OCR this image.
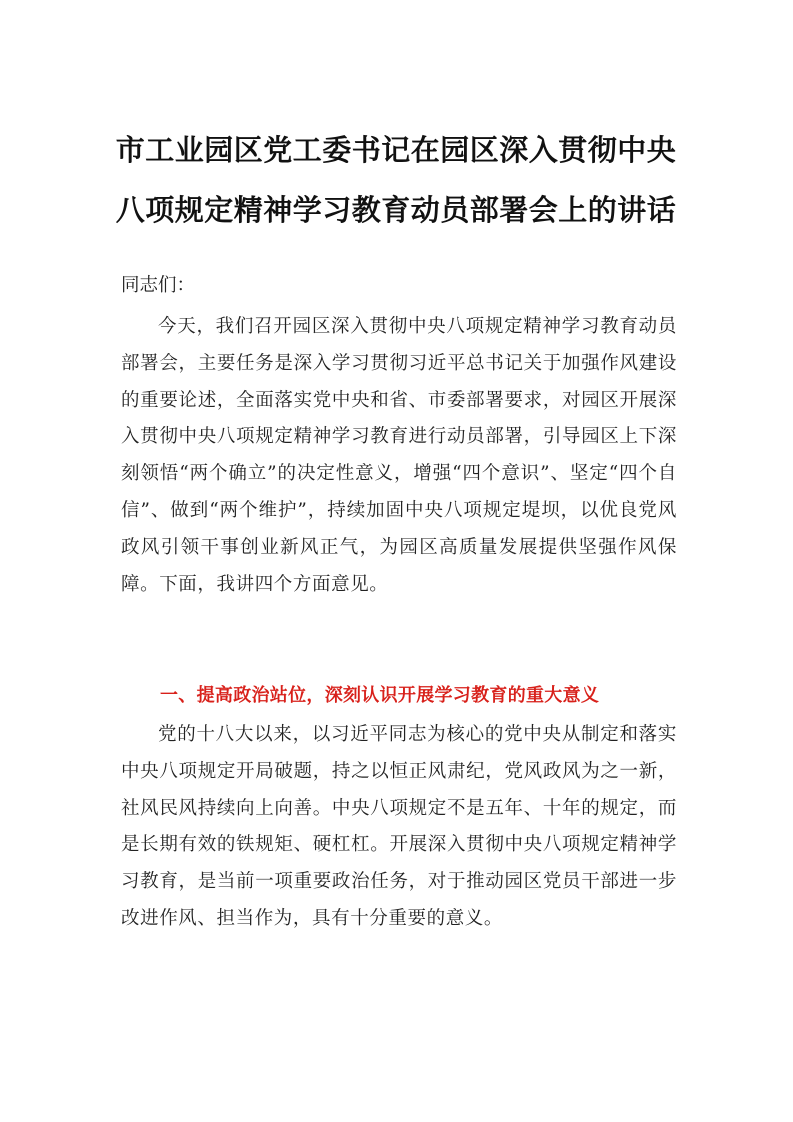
市工业园区党工委书记在园区深入贯彻中央
八项规定精神学习教育动员部署会上的讲话
同志们：
今天，我们召开园区深入贯彻中央八项规定精神学习教育动员部署会，主要任务是深入学习贯彻习近平总书记关于加强作风建设的重要论述，全面落实党中央和省、市委部署要求，对园区开展深入贯彻中央八项规定精神学习教育进行动员部署，引导园区上下深刻领悟“两个确立”的决定性意义，增强“四个意识”、坚定“四个自信”、做到“两个维护”，持续加固中央八项规定堤坝，以优良党风政风引领干事创业新风正气，为园区高质量发展提供坚强作风保障。下面，我讲四个方面意见。
一、提高政治站位，深刻认识开展学习教育的重大意义
党的十八大以来，以习近平同志为核心的党中央从制定和落实中央八项规定开局破题，持之以恒正风肃纪，党风政风为之一新，社风民风持续向上向善。中央八项规定不是五年、十年的规定，而是长期有效的铁规矩、硬杠杠。开展深入贯彻中央八项规定精神学习教育，是当前一项重要政治任务，对于推动园区党员干部进一步改进作风、担当作为，具有十分重要的意义。
